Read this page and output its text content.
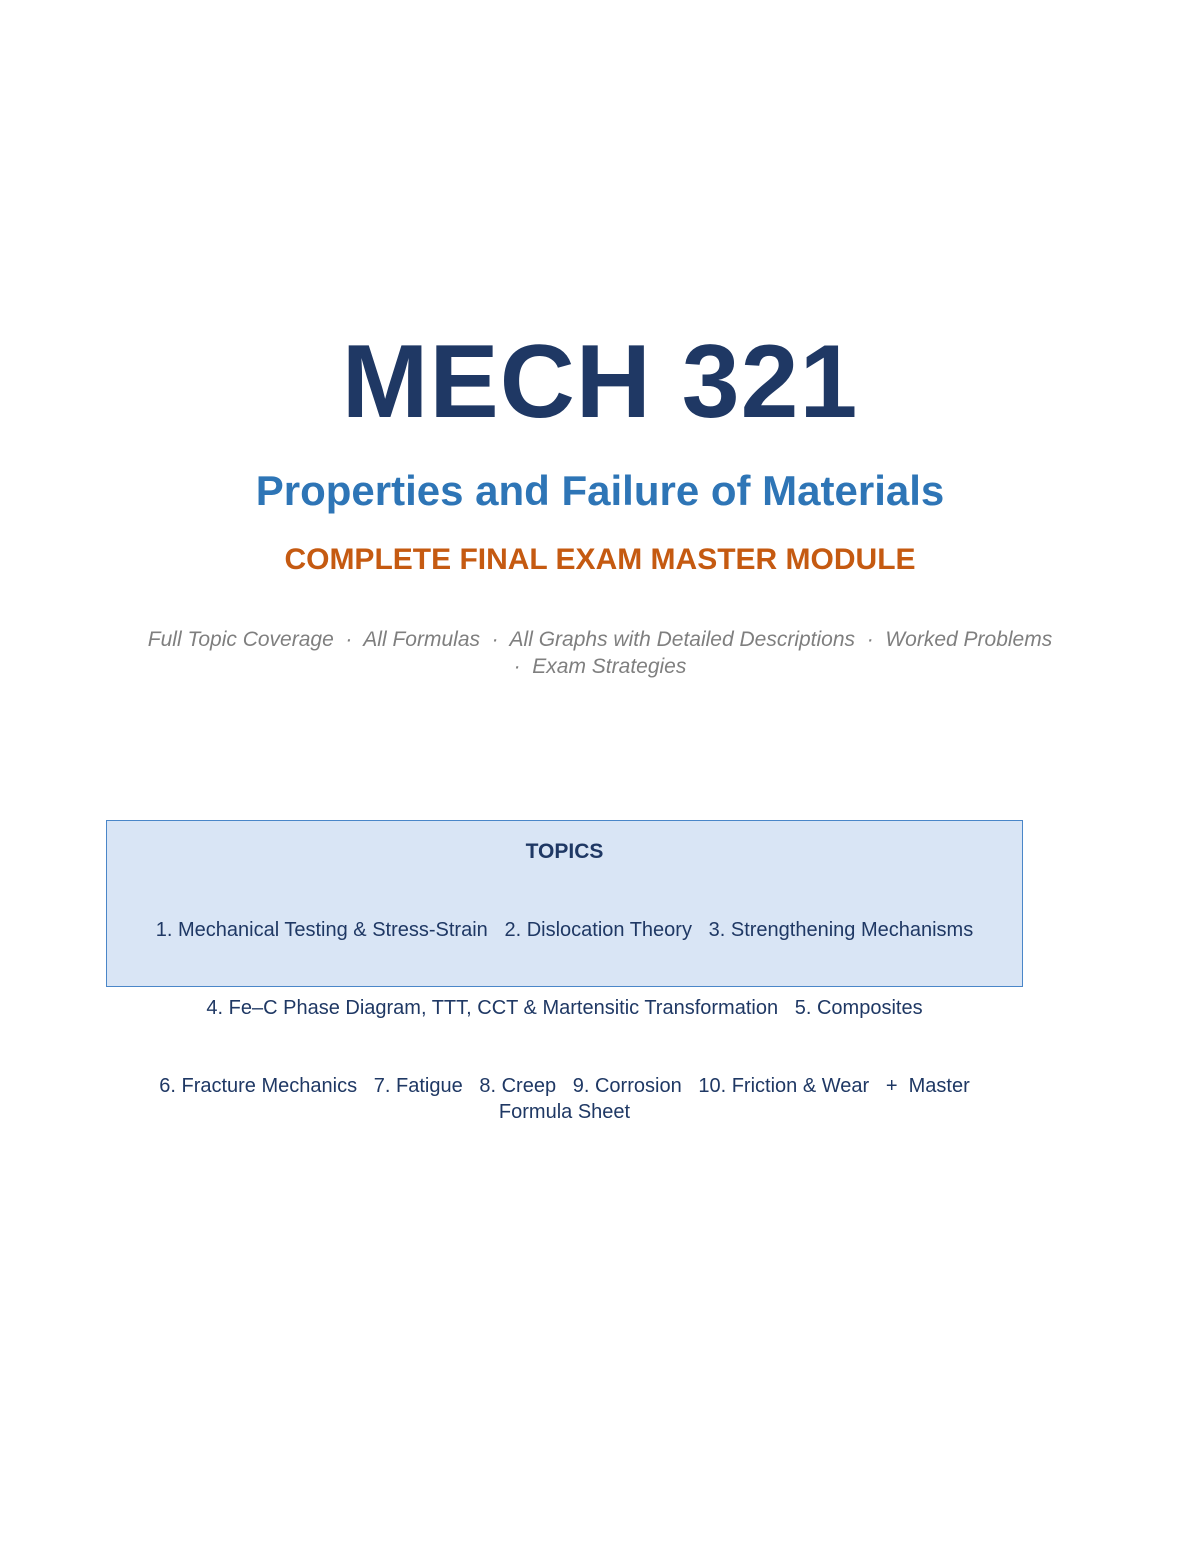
MECH 321
Properties and Failure of Materials
COMPLETE FINAL EXAM MASTER MODULE
Full Topic Coverage  ·  All Formulas  ·  All Graphs with Detailed Descriptions  ·  Worked Problems  ·  Exam Strategies
TOPICS

1. Mechanical Testing & Stress-Strain   2. Dislocation Theory   3. Strengthening Mechanisms

4. Fe–C Phase Diagram, TTT, CCT & Martensitic Transformation   5. Composites

6. Fracture Mechanics   7. Fatigue   8. Creep   9. Corrosion   10. Friction & Wear   +  Master Formula Sheet
